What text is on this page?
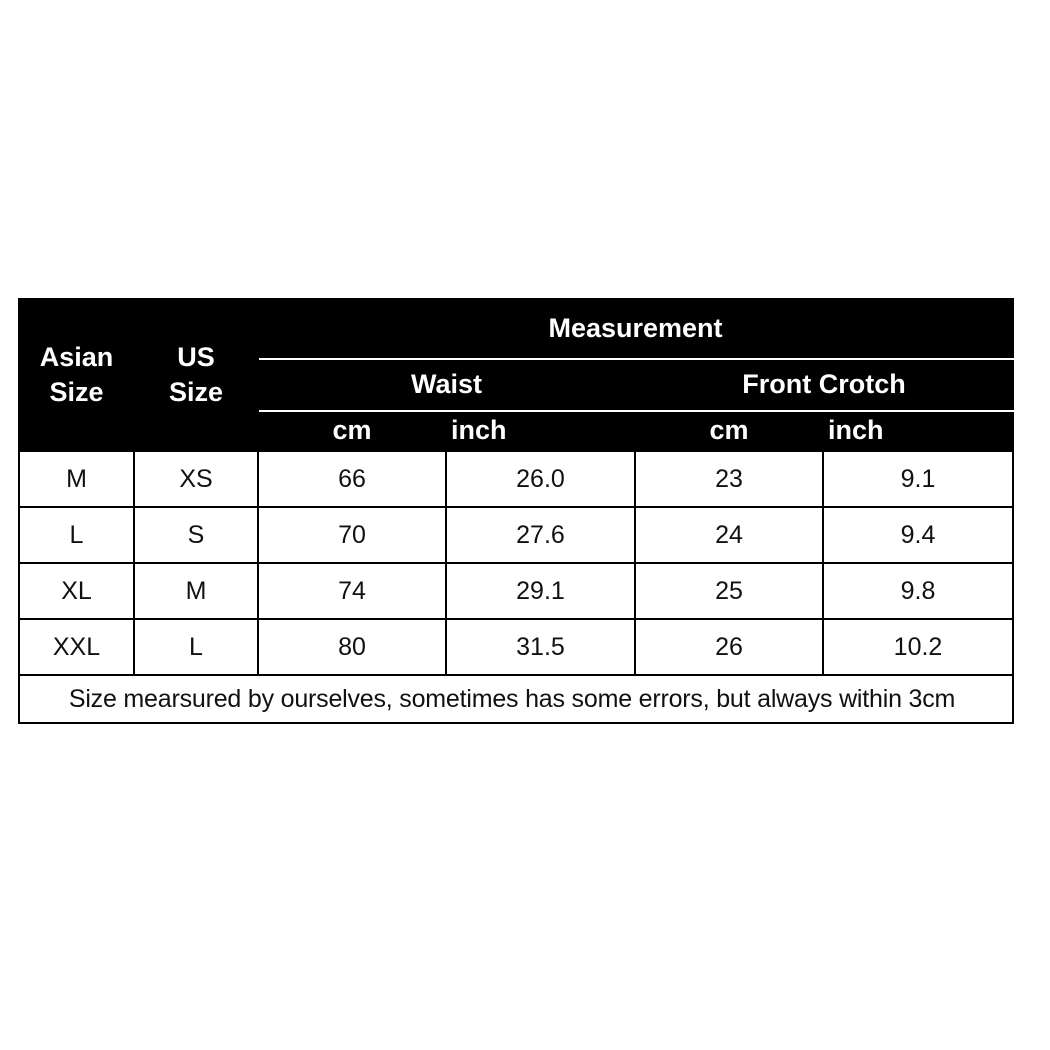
Asian Size	US Size	Measurement			
		Waist		Front Crotch	
		cm	inch	cm	inch
M	XS	66	26.0	23	9.1
L	S	70	27.6	24	9.4
XL	M	74	29.1	25	9.8
XXL	L	80	31.5	26	10.2
Size mearsured by ourselves, sometimes has some errors, but always within 3cm					
